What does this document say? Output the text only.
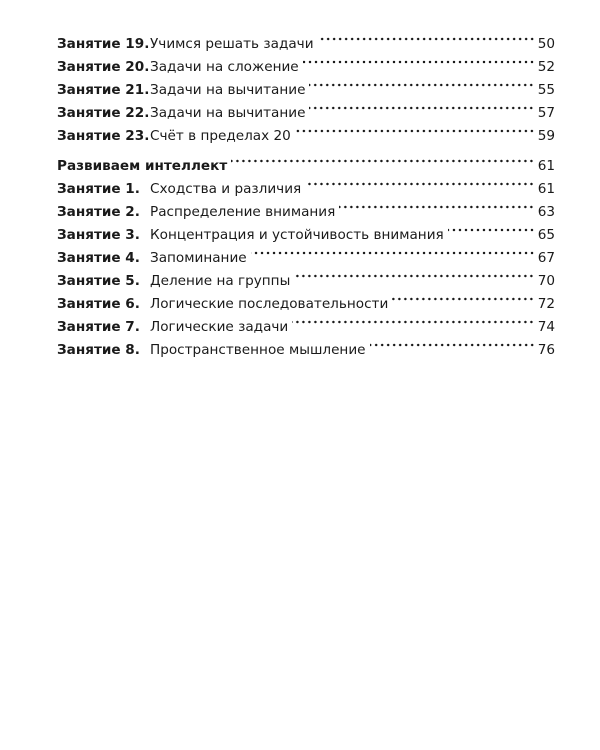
Занятие 19. Учимся решать задачи	50
Занятие 20. Задачи на сложение	52
Занятие 21. Задачи на вычитание	55
Занятие 22. Задачи на вычитание	57
Занятие 23. Счёт в пределах 20	59
Развиваем интеллект	61
Занятие 1. Сходства и различия	61
Занятие 2. Распределение внимания	63
Занятие 3. Концентрация и устойчивость внимания	65
Занятие 4. Запоминание	67
Занятие 5. Деление на группы	70
Занятие 6. Логические последовательности	72
Занятие 7. Логические задачи	74
Занятие 8. Пространственное мышление	76
